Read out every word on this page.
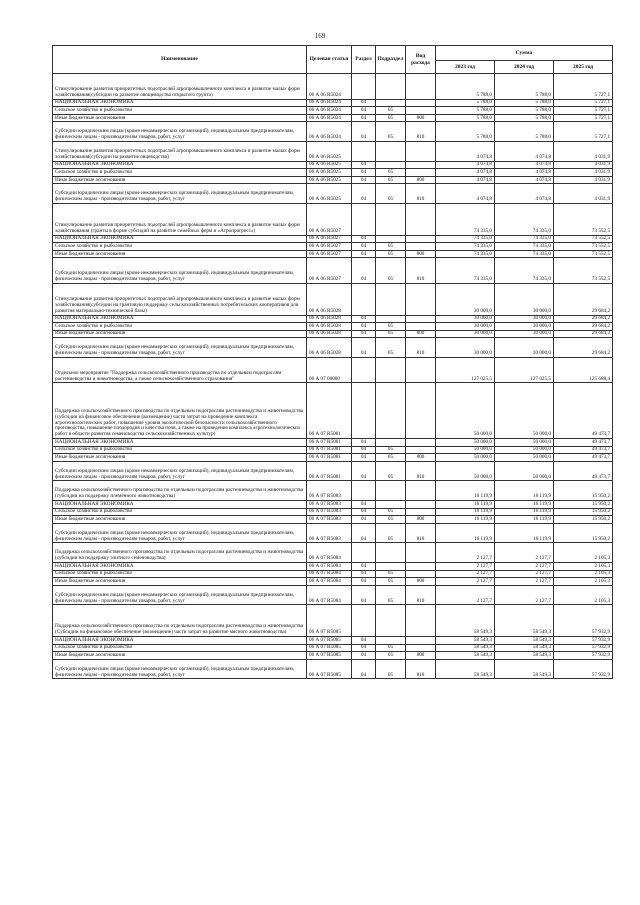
169
Наименование	Целевая статья	Раздел	Подраздел	Вид расхода	Сумма		
					2023 год	2024 год	2025 год
Стимулирование развития приоритетных подотраслей агропромышленного комплекса и развитие малых форм хозяйствования(субсидии на развитие овощеводства открытого грунта)	06 А 06 R5024				5 788,0	5 788,0	5 727,1
НАЦИОНАЛЬНАЯ ЭКОНОМИКА	06 А 06 R5024	04			5 788,0	5 788,0	5 727,1
Сельское хозяйство и рыболовство	06 А 06 R5024	04	05		5 788,0	5 788,0	5 727,1
Иные бюджетные ассигнования	06 А 06 R5024	04	05	800	5 788,0	5 788,0	5 727,1
Субсидии юридическим лицам (кроме некоммерческих организаций), индивидуальным предпринимателям, физическим лицам - производителям товаров, работ, услуг	06 А 06 R5024	04	05	810	5 788,0	5 788,0	5 727,1
Стимулирование развития приоритетных подотраслей агропромышленного комплекса и развитие малых форм хозяйствования(субсидии на развитие овцеводства)	06 А 06 R5025				4 074,8	4 074,8	4 031,9
НАЦИОНАЛЬНАЯ ЭКОНОМИКА	06 А 06 R5025	04			4 074,8	4 074,8	4 031,9
Сельское хозяйство и рыболовство	06 А 06 R5025	04	05		4 074,8	4 074,8	4 031,9
Иные бюджетные ассигнования	06 А 06 R5025	04	05	800	4 074,8	4 074,8	4 031,9
Субсидии юридическим лицам (кроме некоммерческих организаций), индивидуальным предпринимателям, физическим лицам - производителям товаров, работ, услуг	06 А 06 R5025	04	05	810	4 074,8	4 074,8	4 031,9
Стимулирование развития приоритетных подотраслей агропромышленного комплекса и развитие малых форм хозяйствования (гранты в форме субсидий на развитие семейных ферм и «Агропрогресс»)	06 А 06 R5027				74 335,0	74 335,0	73 552,5
НАЦИОНАЛЬНАЯ ЭКОНОМИКА	06 А 06 R5027	04			74 335,0	74 335,0	73 552,5
Сельское хозяйство и рыболовство	06 А 06 R5027	04	05		74 335,0	74 335,0	73 552,5
Иные бюджетные ассигнования	06 А 06 R5027	04	05	800	74 335,0	74 335,0	73 552,5
Субсидии юридическим лицам (кроме некоммерческих организаций), индивидуальным предпринимателям, физическим лицам - производителям товаров, работ, услуг	06 А 06 R5027	04	05	810	74 335,0	74 335,0	73 552,5
Стимулирование развития приоритетных подотраслей агропромышленного комплекса и развитие малых форм хозяйствования(субсидии на грантовую поддержку сельскохозяйственных потребительских кооперативов для развития материально-технической базы)	06 А 06 R5028				30 000,0	30 000,0	29 684,2
НАЦИОНАЛЬНАЯ ЭКОНОМИКА	06 А 06 R5028	04			30 000,0	30 000,0	29 684,2
Сельское хозяйство и рыболовство	06 А 06 R5028	04	05		30 000,0	30 000,0	29 684,2
Иные бюджетные ассигнования	06 А 06 R5028	04	05	800	30 000,0	30 000,0	29 684,2
Субсидии юридическим лицам (кроме некоммерческих организаций), индивидуальным предпринимателям, физическим лицам - производителям товаров, работ, услуг	06 А 06 R5028	04	05	810	30 000,0	30 000,0	29 684,2
Отдельное мероприятие "Поддержка сельскохозяйственного производства по отдельным подотраслям растениеводства и животноводства, а также сельскохозяйственного страхования"	06 А 07 00000				127 025,5	127 025,5	125 688,4
Поддержка сельскохозяйственного производства по отдельным подотраслям растениеводства и животноводства (субсидии на финансовое обеспечение (возмещение) части затрат на проведение комплекса агротехнологических работ, повышение уровня экологической безопасности сельскохозяйственного производства, повышение плодородия и качества почв, а также на проведение комплекса агротехнологических работ в области развития семеноводства сельскохозяйственных культур)	06 А 07 R5081				50 000,0	50 000,0	49 473,7
НАЦИОНАЛЬНАЯ ЭКОНОМИКА	06 А 07 R5081	04			50 000,0	50 000,0	49 473,7
Сельское хозяйство и рыболовство	06 А 07 R5081	04	05		50 000,0	50 000,0	49 473,7
Иные бюджетные ассигнования	06 А 07 R5081	04	05	800	50 000,0	50 000,0	49 473,7
Субсидии юридическим лицам (кроме некоммерческих организаций), индивидуальным предпринимателям, физическим лицам - производителям товаров, работ, услуг	06 А 07 R5081	04	05	810	50 000,0	50 000,0	49 473,7
Поддержка сельскохозяйственного производства по отдельным подотраслям растениеводства и животноводства (субсидии на поддержку племенного животноводства)	06 А 07 R5083				16 119,9	16 119,9	15 950,2
НАЦИОНАЛЬНАЯ ЭКОНОМИКА	06 А 07 R5083	04			16 119,9	16 119,9	15 950,2
Сельское хозяйство и рыболовство	06 А 07 R5083	04	05		16 119,9	16 119,9	15 950,2
Иные бюджетные ассигнования	06 А 07 R5083	04	05	800	16 119,9	16 119,9	15 950,2
Субсидии юридическим лицам (кроме некоммерческих организаций), индивидуальным предпринимателям, физическим лицам - производителям товаров, работ, услуг	06 А 07 R5083	04	05	810	16 119,9	16 119,9	15 950,2
Поддержка сельскохозяйственного производства по отдельным подотраслям растениеводства и животноводства (субсидии на поддержку элитного семеноводства)	06 А 07 R5084				2 127,7	2 127,7	2 105,3
НАЦИОНАЛЬНАЯ ЭКОНОМИКА	06 А 07 R5084	04			2 127,7	2 127,7	2 105,3
Сельское хозяйство и рыболовство	06 А 07 R5084	04	05		2 127,7	2 127,7	2 105,3
Иные бюджетные ассигнования	06 А 07 R5084	04	05	800	2 127,7	2 127,7	2 105,3
Субсидии юридическим лицам (кроме некоммерческих организаций), индивидуальным предпринимателям, физическим лицам - производителям товаров, работ, услуг	06 А 07 R5084	04	05	810	2 127,7	2 127,7	2 105,3
Поддержка сельскохозяйственного производства по отдельным подотраслям растениеводства и животноводства (Субсидии на финансовое обеспечение (возмещение) части затрат на развитие мясного животноводства)	06 А 07 R5085				58 549,3	58 549,3	57 932,9
НАЦИОНАЛЬНАЯ ЭКОНОМИКА	06 А 07 R5085	04			58 549,3	58 549,3	57 932,9
Сельское хозяйство и рыболовство	06 А 07 R5085	04	05		58 549,3	58 549,3	57 932,9
Иные бюджетные ассигнования	06 А 07 R5085	04	05	800	58 549,3	58 549,3	57 932,9
Субсидии юридическим лицам (кроме некоммерческих организаций), индивидуальным предпринимателям, физическим лицам - производителям товаров, работ, услуг	06 А 07 R5085	04	05	810	58 549,3	58 549,3	57 932,9
